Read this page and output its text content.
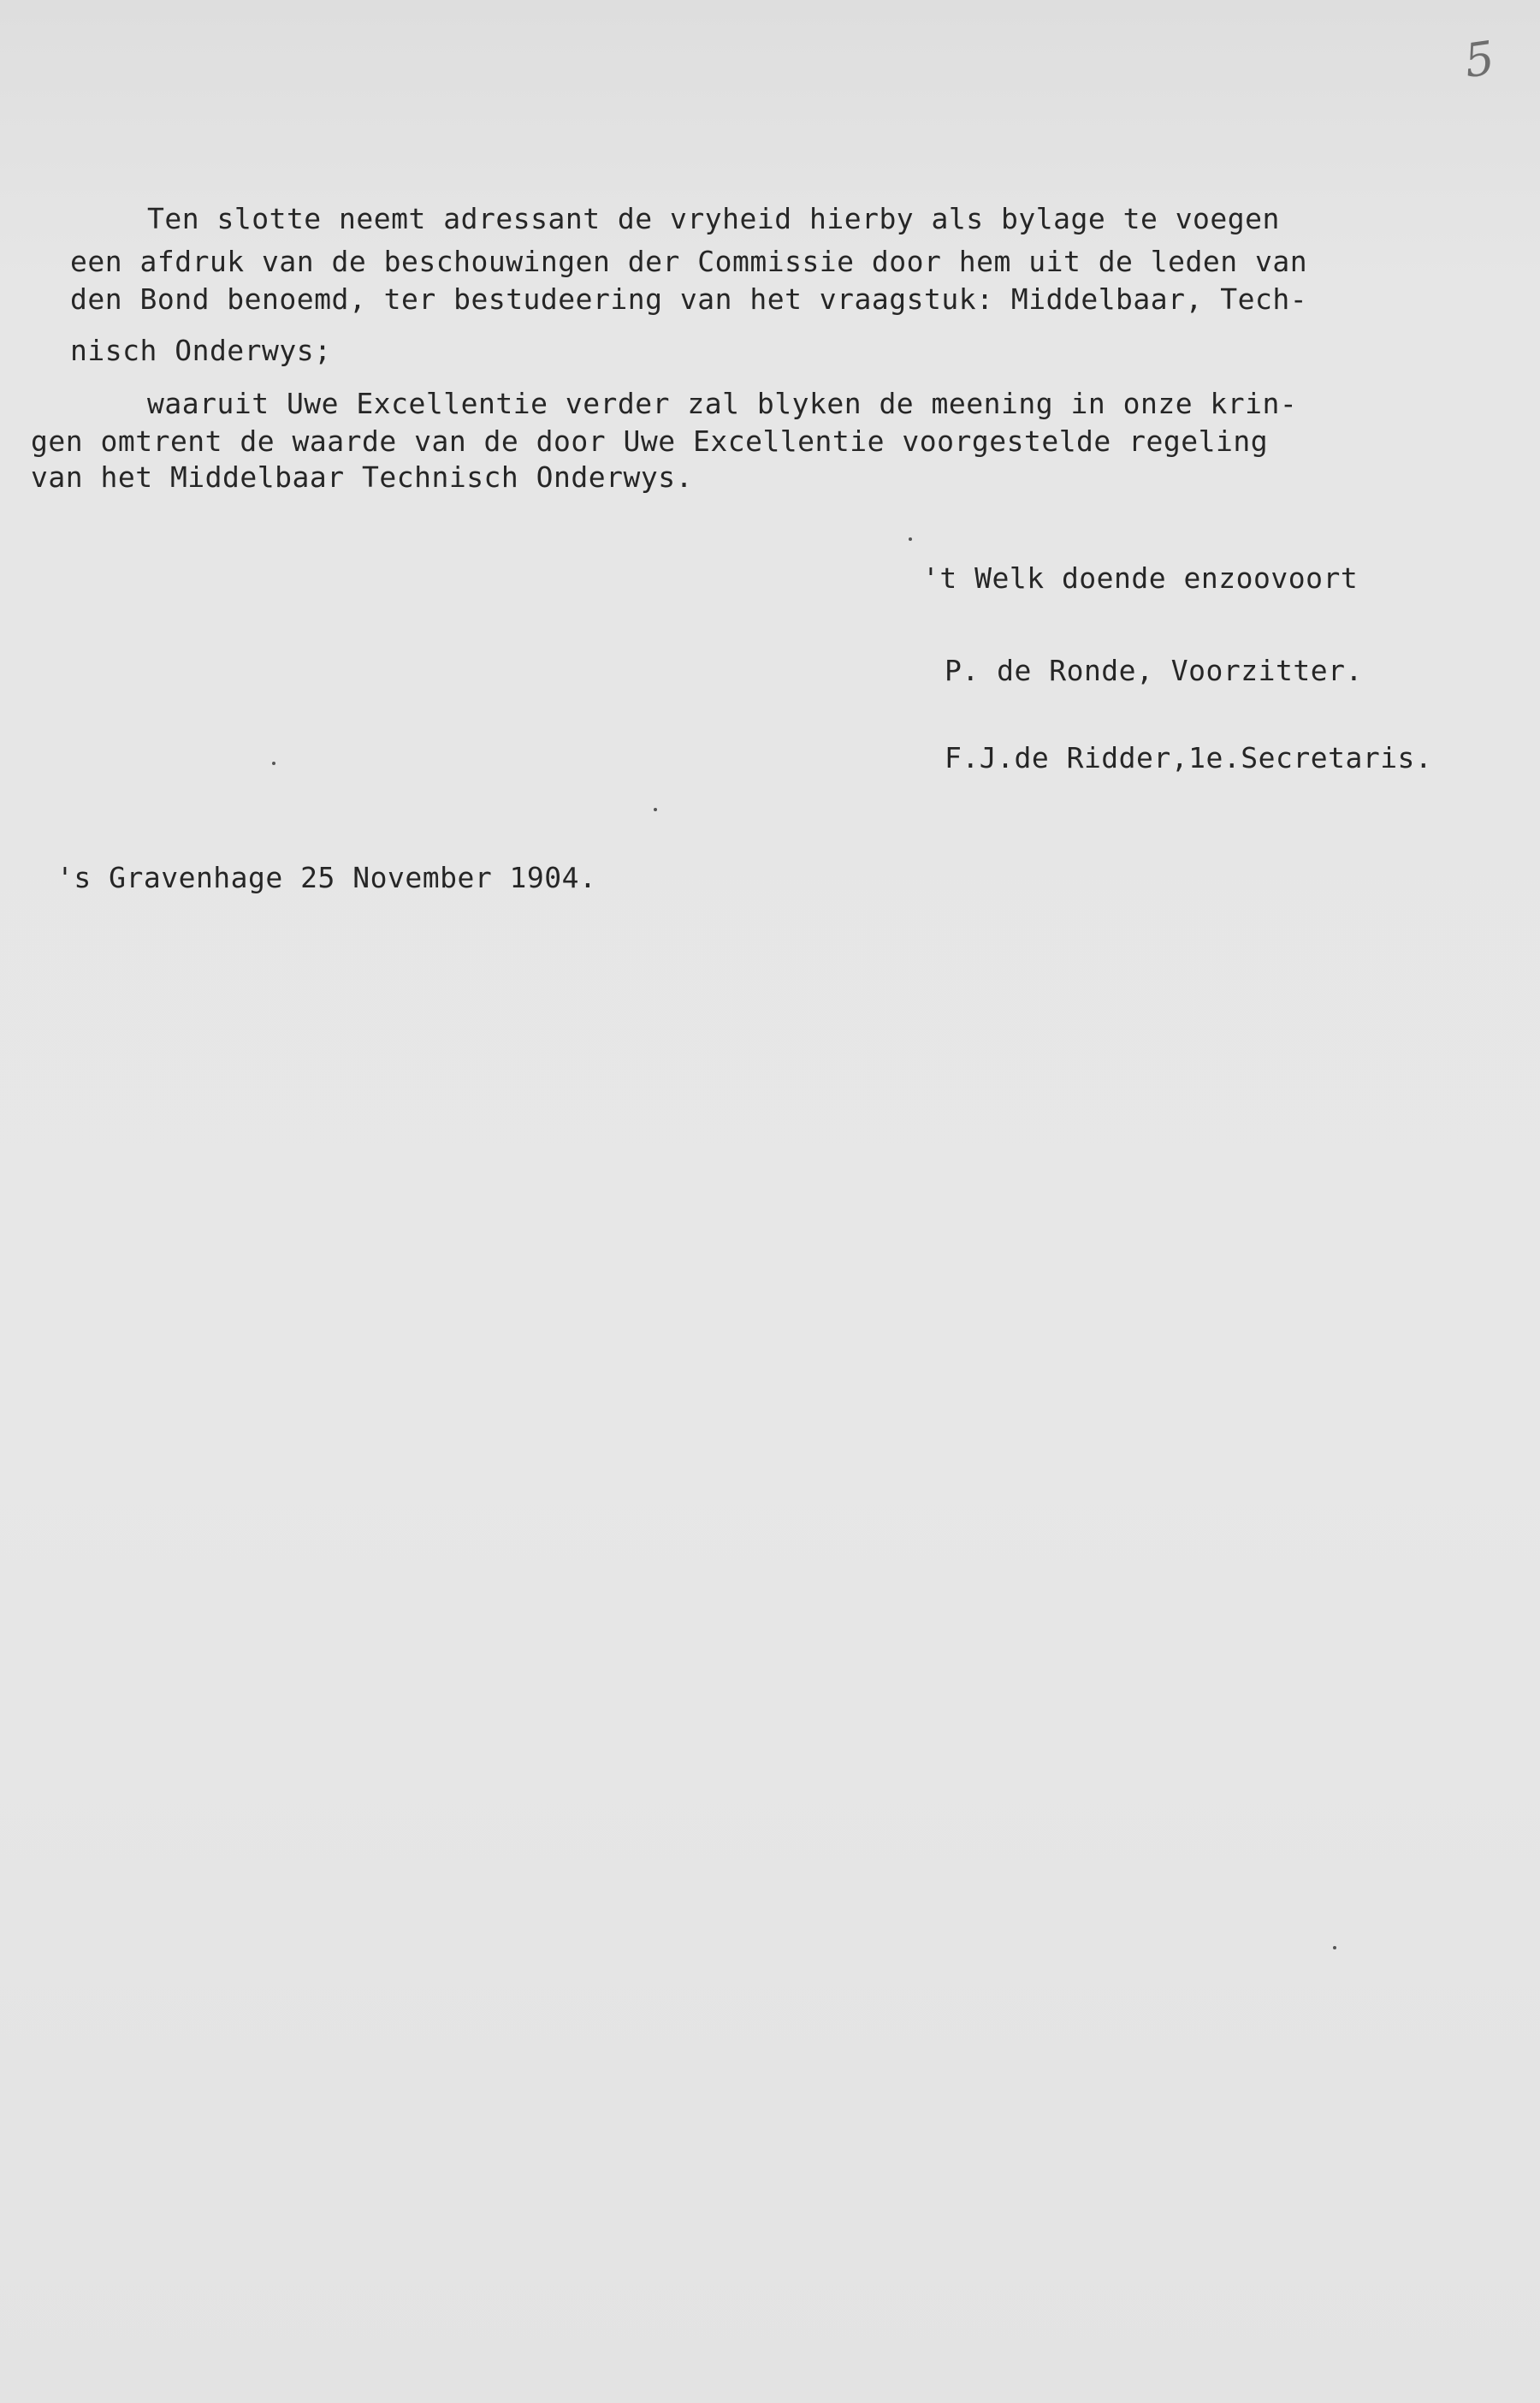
5

Ten slotte neemt adressant de vryheid hierby als bylage te voegen

een afdruk van de beschouwingen der Commissie door hem uit de leden van

den Bond benoemd, ter bestudeering van het vraagstuk: Middelbaar, Tech-

nisch Onderwys;

waaruit Uwe Excellentie verder zal blyken de meening in onze krin-

gen omtrent de waarde van de door Uwe Excellentie voorgestelde regeling

van het Middelbaar Technisch Onderwys.

't Welk doende enzoovoort

P. de Ronde, Voorzitter.

F.J.de Ridder,1e.Secretaris.

's Gravenhage 25 November 1904.
